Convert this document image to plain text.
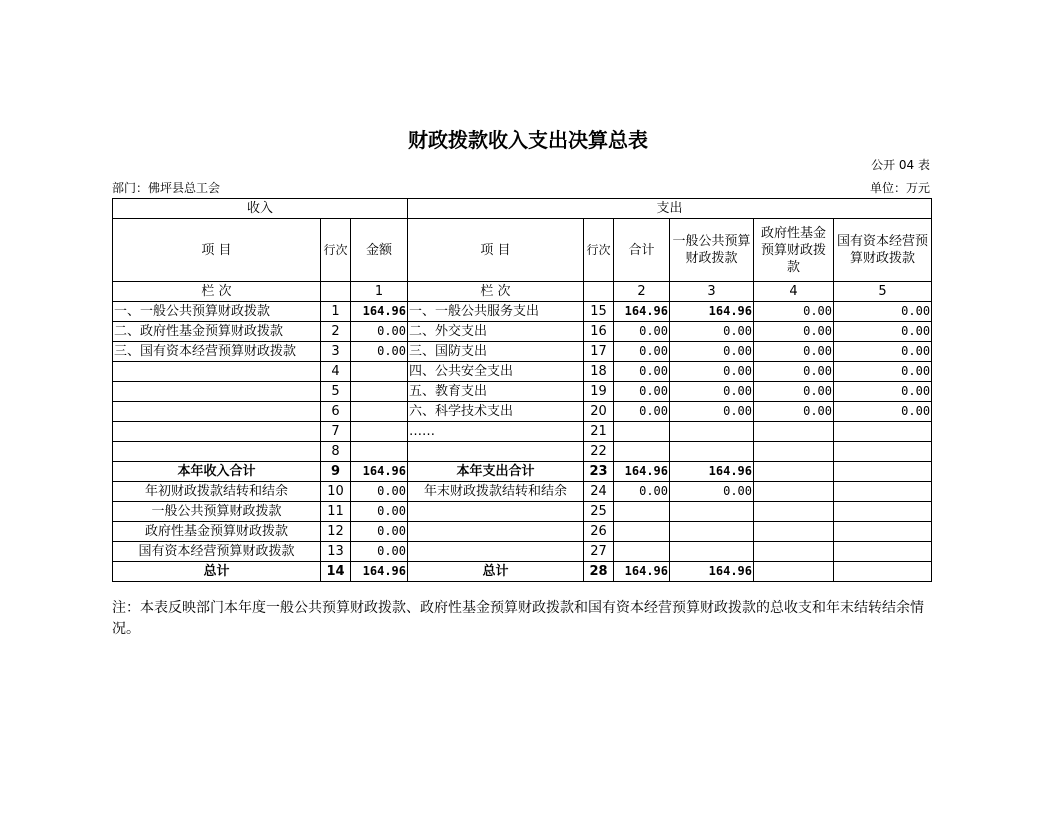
财政拨款收入支出决算总表
公开 04 表
部门：佛坪县总工会	单位：万元
收入			支出					
项 目	行次	金额	项 目	行次	合计	一般公共预算财政拨款	政府性基金预算财政拨款	国有资本经营预算财政拨款
栏 次		1	栏 次		2	3	4	5
一、一般公共预算财政拨款	1	164.96	一、一般公共服务支出	15	164.96	164.96	0.00	0.00
二、政府性基金预算财政拨款	2	0.00	二、外交支出	16	0.00	0.00	0.00	0.00
三、国有资本经营预算财政拨款	3	0.00	三、国防支出	17	0.00	0.00	0.00	0.00
	4		四、公共安全支出	18	0.00	0.00	0.00	0.00
	5		五、教育支出	19	0.00	0.00	0.00	0.00
	6		六、科学技术支出	20	0.00	0.00	0.00	0.00
	7		……	21				
	8			22				
本年收入合计	9	164.96	本年支出合计	23	164.96	164.96		
年初财政拨款结转和结余	10	0.00	年末财政拨款结转和结余	24	0.00	0.00		
一般公共预算财政拨款	11	0.00		25				
政府性基金预算财政拨款	12	0.00		26				
国有资本经营预算财政拨款	13	0.00		27				
总计	14	164.96	总计	28	164.96	164.96		
注：本表反映部门本年度一般公共预算财政拨款、政府性基金预算财政拨款和国有资本经营预算财政拨款的总收支和年末结转结余情况。
